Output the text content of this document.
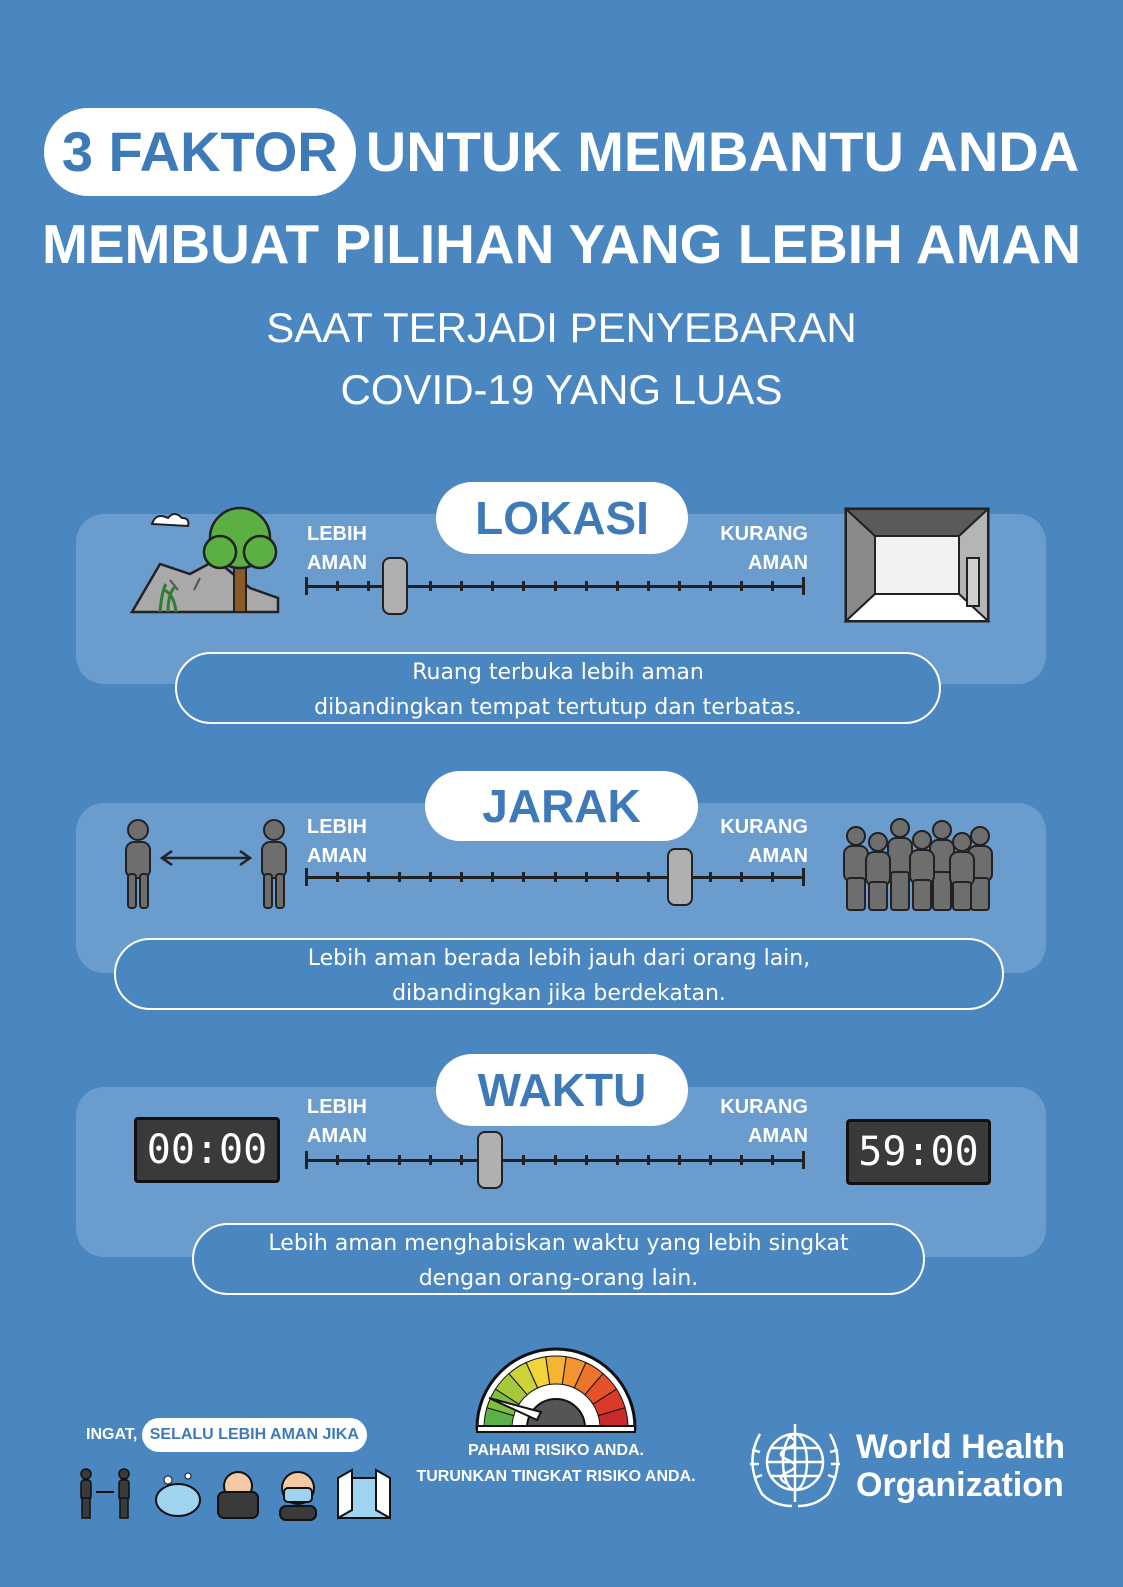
3 FAKTOR UNTUK MEMBANTU ANDA
MEMBUAT PILIHAN YANG LEBIH AMAN
SAAT TERJADI PENYEBARAN
COVID-19 YANG LUAS
LOKASI
LEBIH
AMAN
KURANG
AMAN
Ruang terbuka lebih aman
dibandingkan tempat tertutup dan terbatas.
JARAK
LEBIH
AMAN
KURANG
AMAN
Lebih aman berada lebih jauh dari orang lain,
dibandingkan jika berdekatan.
WAKTU
LEBIH
AMAN
KURANG
AMAN
00:00	59:00
Lebih aman menghabiskan waktu yang lebih singkat
dengan orang-orang lain.
INGAT, SELALU LEBIH AMAN JIKA
PAHAMI RISIKO ANDA.
TURUNKAN TINGKAT RISIKO ANDA.
World Health
Organization
